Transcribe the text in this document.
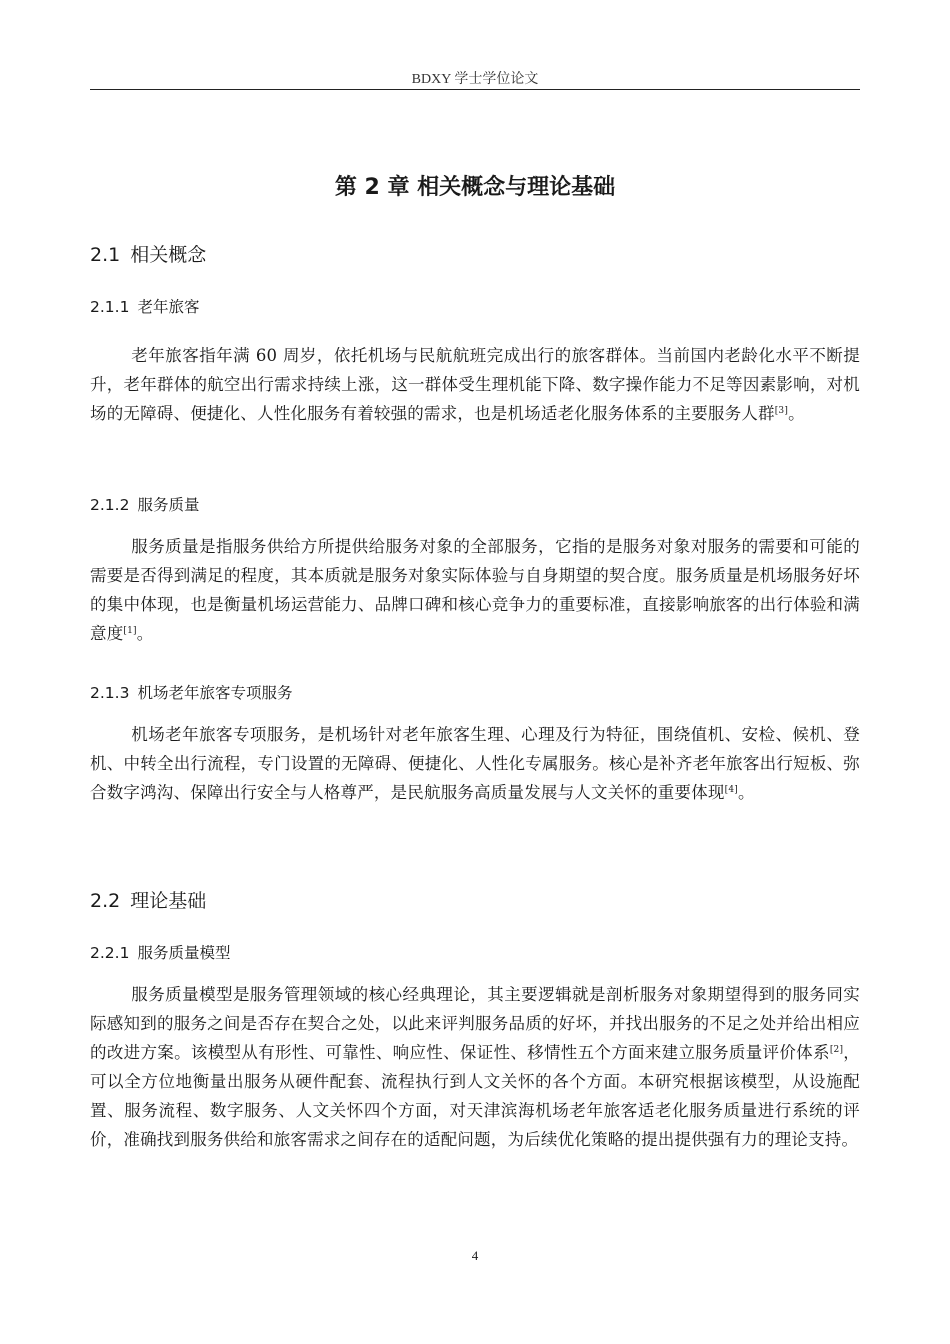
BDXY 学士学位论文
第 2 章 相关概念与理论基础
2.1 相关概念
2.1.1 老年旅客

老年旅客指年满 60 周岁，依托机场与民航航班完成出行的旅客群体。当前国内老龄化水平不断提升，老年群体的航空出行需求持续上涨，这一群体受生理机能下降、数字操作能力不足等因素影响，对机场的无障碍、便捷化、人性化服务有着较强的需求，也是机场适老化服务体系的主要服务人群[3]。

2.1.2 服务质量

服务质量是指服务供给方所提供给服务对象的全部服务，它指的是服务对象对服务的需要和可能的需要是否得到满足的程度，其本质就是服务对象实际体验与自身期望的契合度。服务质量是机场服务好坏的集中体现，也是衡量机场运营能力、品牌口碑和核心竞争力的重要标准，直接影响旅客的出行体验和满意度[1]。

2.1.3 机场老年旅客专项服务

机场老年旅客专项服务，是机场针对老年旅客生理、心理及行为特征，围绕值机、安检、候机、登机、中转全出行流程，专门设置的无障碍、便捷化、人性化专属服务。核心是补齐老年旅客出行短板、弥合数字鸿沟、保障出行安全与人格尊严，是民航服务高质量发展与人文关怀的重要体现[4]。

2.2 理论基础
2.2.1 服务质量模型

服务质量模型是服务管理领域的核心经典理论，其主要逻辑就是剖析服务对象期望得到的服务同实际感知到的服务之间是否存在契合之处，以此来评判服务品质的好坏，并找出服务的不足之处并给出相应的改进方案。该模型从有形性、可靠性、响应性、保证性、移情性五个方面来建立服务质量评价体系[2]，可以全方位地衡量出服务从硬件配套、流程执行到人文关怀的各个方面。本研究根据该模型，从设施配置、服务流程、数字服务、人文关怀四个方面，对天津滨海机场老年旅客适老化服务质量进行系统的评价，准确找到服务供给和旅客需求之间存在的适配问题，为后续优化策略的提出提供强有力的理论支持。

4
